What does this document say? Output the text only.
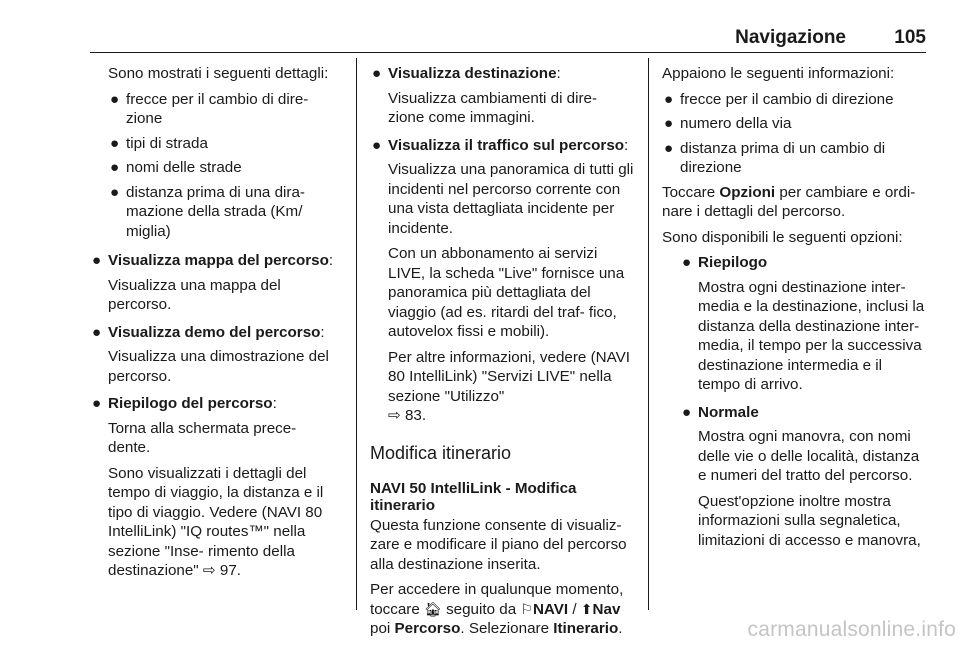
Navigazione	105

Sono mostrati i seguenti dettagli:

● frecce per il cambio di dire- zione
● tipi di strada
● nomi delle strade
● distanza prima di una dira- mazione della strada (Km/ miglia)
● Visualizza mappa del percorso:

Visualizza una mappa del percorso.

● Visualizza demo del percorso:

Visualizza una dimostrazione del percorso.

● Riepilogo del percorso:

Torna alla schermata prece- dente.

Sono visualizzati i dettagli del tempo di viaggio, la distanza e il tipo di viaggio. Vedere (NAVI 80 IntelliLink) "IQ routes™" nella sezione "Inse- rimento della destinazione" ⇨ 97.

● Visualizza destinazione:

Visualizza cambiamenti di dire- zione come immagini.

● Visualizza il traffico sul percorso:

Visualizza una panoramica di tutti gli incidenti nel percorso corrente con una vista dettagliata incidente per incidente.

Con un abbonamento ai servizi LIVE, la scheda "Live" fornisce una panoramica più dettagliata del viaggio (ad es. ritardi del traf- fico, autovelox fissi e mobili).

Per altre informazioni, vedere (NAVI 80 IntelliLink) "Servizi LIVE" nella sezione "Utilizzo"
⇨ 83.

Modifica itinerario
NAVI 50 IntelliLink - Modifica itinerario

Questa funzione consente di visualiz- zare e modificare il piano del percorso alla destinazione inserita.

Per accedere in qualunque momento, toccare 🏠︎ seguito da ⚐NAVI / ⬆Nav poi Percorso. Selezionare Itinerario.

Appaiono le seguenti informazioni:

● frecce per il cambio di direzione
● numero della via
● distanza prima di un cambio di direzione

Toccare Opzioni per cambiare e ordi- nare i dettagli del percorso.

Sono disponibili le seguenti opzioni:

● Riepilogo

Mostra ogni destinazione inter- media e la destinazione, inclusi la distanza della destinazione inter- media, il tempo per la successiva destinazione intermedia e il tempo di arrivo.

● Normale

Mostra ogni manovra, con nomi delle vie o delle località, distanza e numeri del tratto del percorso.

Quest'opzione inoltre mostra informazioni sulla segnaletica, limitazioni di accesso e manovra,

carmanualsonline.info
